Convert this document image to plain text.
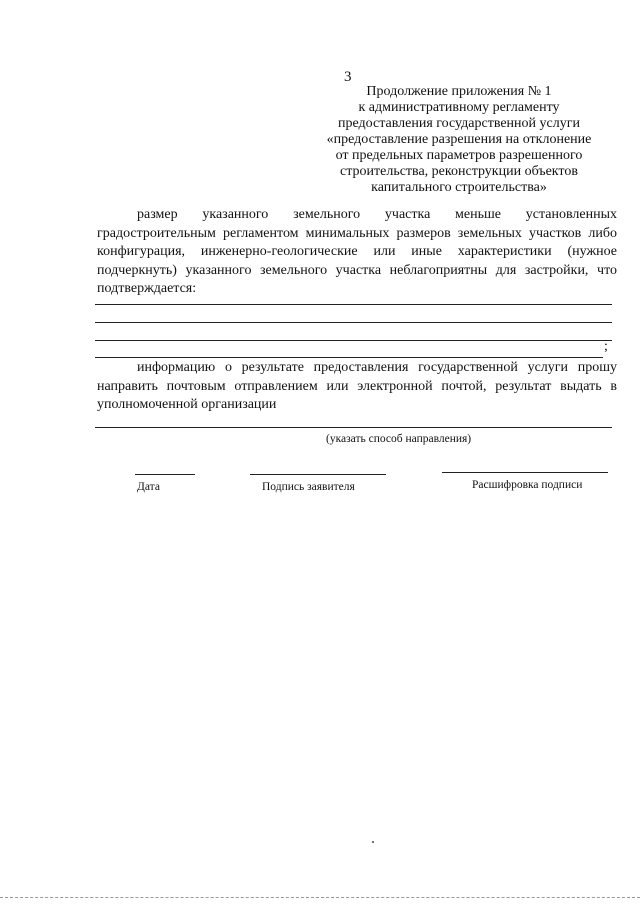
3
Продолжение приложения № 1
к административному регламенту
предоставления государственной услуги
«предоставление разрешения на отклонение
от предельных параметров разрешенного
строительства, реконструкции объектов
капитального строительства»
размер указанного земельного участка меньше установленных градостроительным регламентом минимальных размеров земельных участков либо конфигурация, инженерно-геологические или иные характеристики (нужное подчеркнуть) указанного земельного участка неблагоприятны для застройки, что подтверждается:
;
информацию о результате предоставления государственной услуги прошу направить почтовым отправлением или электронной почтой, результат выдать в уполномоченной организации
(указать способ направления)
Дата	Подпись заявителя	Расшифровка подписи
